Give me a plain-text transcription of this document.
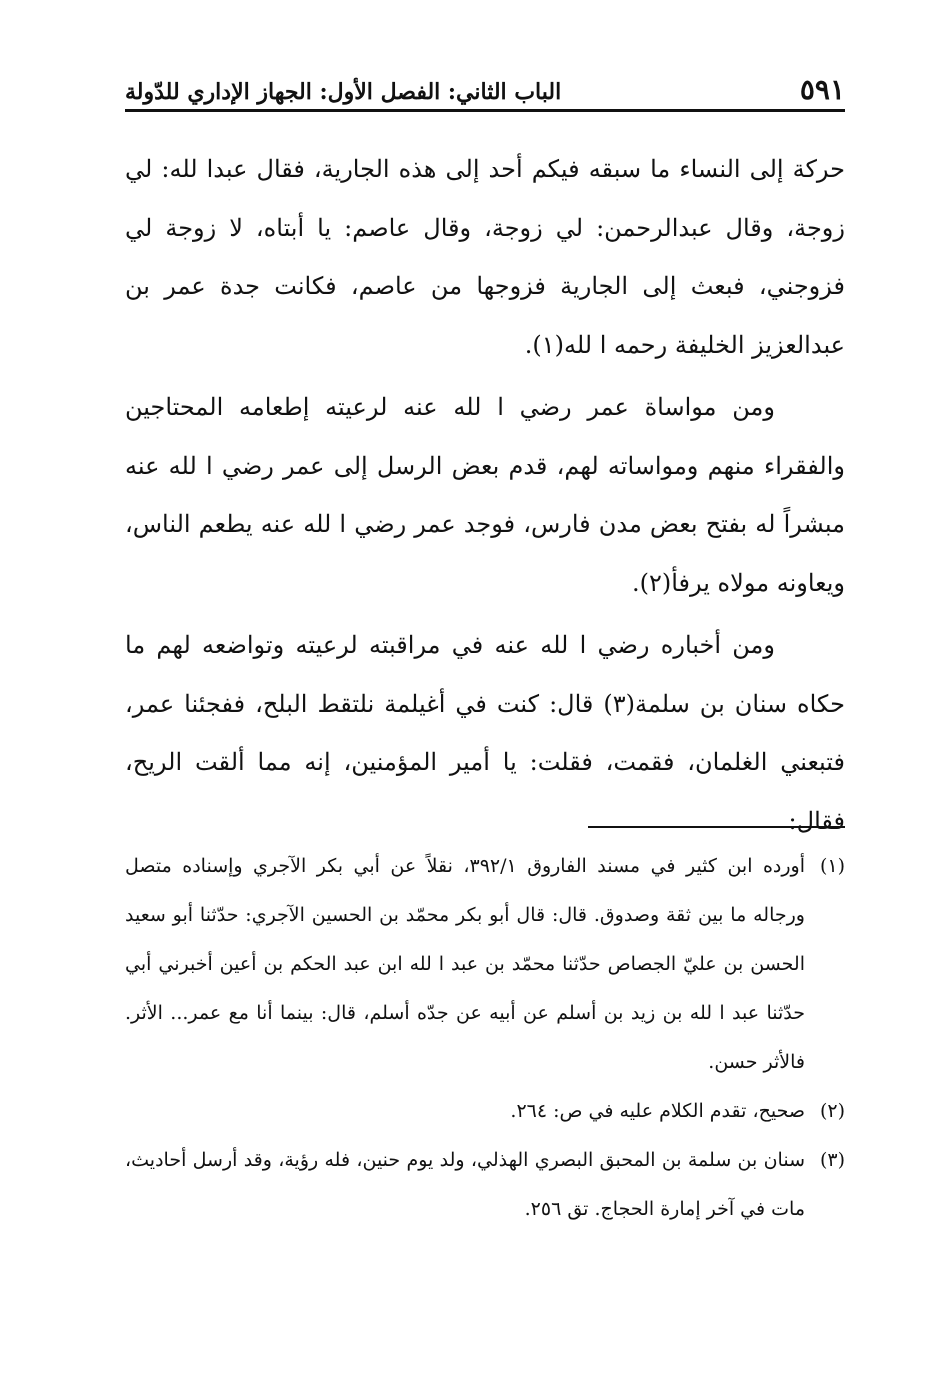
٥٩١
الباب الثاني: الفصل الأول: الجهاز الإداري للدّولة

حركة إلى النساء ما سبقه فيكم أحد إلى هذه الجارية، فقال عبدا لله: لي زوجة، وقال عبدالرحمن: لي زوجة، وقال عاصم: يا أبتاه، لا زوجة لي فزوجني، فبعث إلى الجارية فزوجها من عاصم، فكانت جدة عمر بن عبدالعزيز الخليفة رحمه ا لله(١).

ومن مواساة عمر رضي ا لله عنه لرعيته إطعامه المحتاجين والفقراء منهم ومواساته لهم، قدم بعض الرسل إلى عمر رضي ا لله عنه مبشراً له بفتح بعض مدن فارس، فوجد عمر رضي ا لله عنه يطعم الناس، ويعاونه مولاه يرفأ(٢).

ومن أخباره رضي ا لله عنه في مراقبته لرعيته وتواضعه لهم ما حكاه سنان بن سلمة(٣) قال: كنت في أغيلمة نلتقط البلح، ففجئنا عمر، فتبعني الغلمان، فقمت، فقلت: يا أمير المؤمنين، إنه مما ألقت الريح، فقال:

(١)
أورده ابن كثير في مسند الفاروق ٣٩٢/١، نقلاً عن أبي بكر الآجري وإسناده متصل ورجاله ما بين ثقة وصدوق. قال: قال أبو بكر محمّد بن الحسين الآجري: حدّثنا أبو سعيد الحسن بن عليّ الجصاص حدّثنا محمّد بن عبد ا لله ابن عبد الحكم بن أعين أخبرني أبي حدّثنا عبد ا لله بن زيد بن أسلم عن أبيه عن جدّه أسلم، قال: بينما أنا مع عمر... الأثر. فالأثر حسن.

(٢)
صحيح، تقدم الكلام عليه في ص: ٢٦٤.

(٣)
سنان بن سلمة بن المحبق البصري الهذلي، ولد يوم حنين، فله رؤية، وقد أرسل أحاديث، مات في آخر إمارة الحجاج. تق ٢٥٦.
